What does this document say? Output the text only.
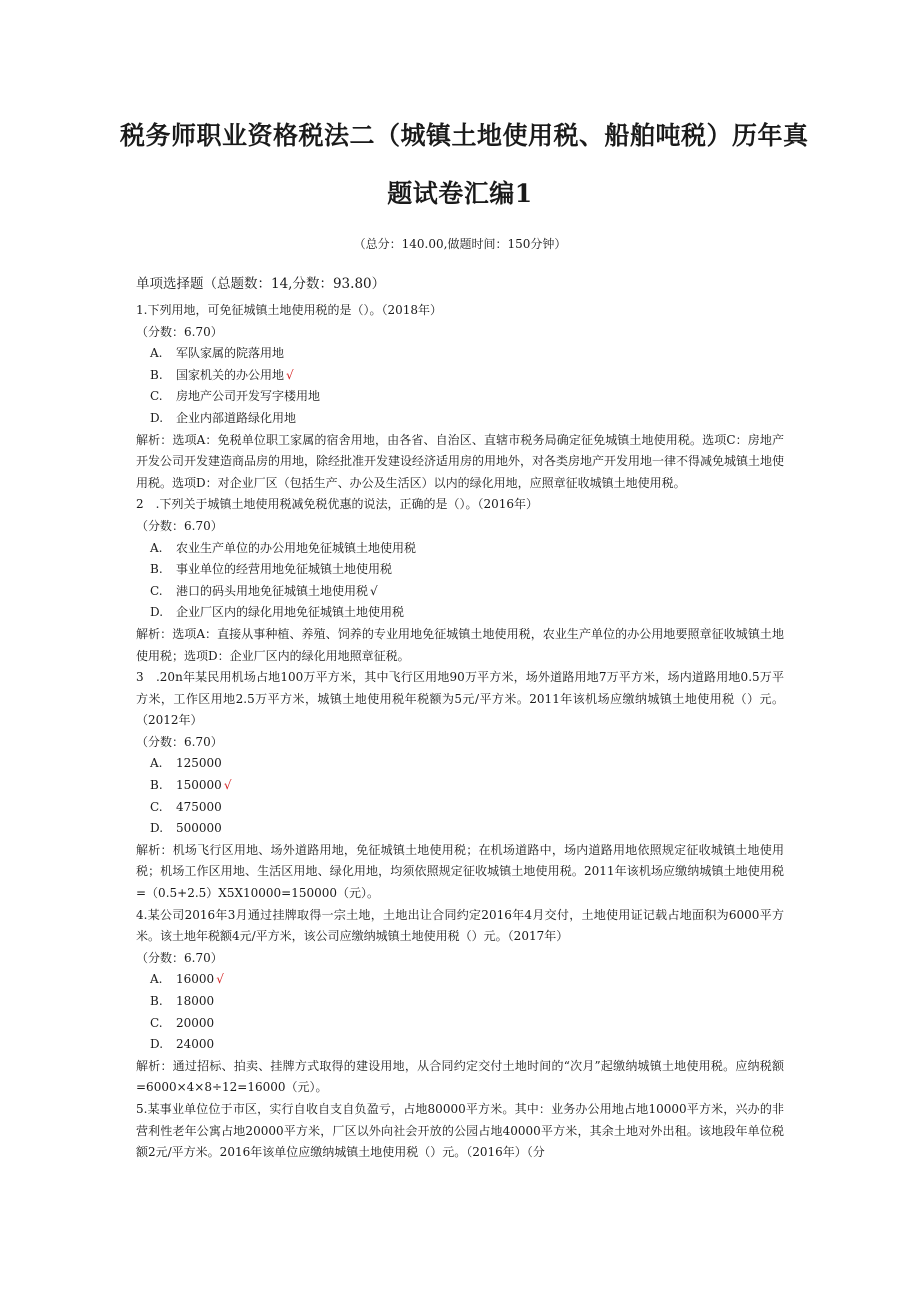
税务师职业资格税法二（城镇土地使用税、船舶吨税）历年真
题试卷汇编1
（总分：140.00,做题时间：150分钟）
单项选择题（总题数：14,分数：93.80）

1.下列用地，可免征城镇土地使用税的是（）。（2018年）

（分数：6.70）

A. 军队家属的院落用地

B. 国家机关的办公用地 √

C. 房地产公司开发写字楼用地

D. 企业内部道路绿化用地

解析：选项A：免税单位职工家属的宿舍用地，由各省、自治区、直辖市税务局确定征免城镇土地使用税。选项C：房地产开发公司开发建造商品房的用地，除经批准开发建设经济适用房的用地外，对各类房地产开发用地一律不得减免城镇土地使用税。选项D：对企业厂区（包括生产、办公及生活区）以内的绿化用地，应照章征收城镇土地使用税。

2　.下列关于城镇土地使用税减免税优惠的说法，正确的是（）。（2016年）

（分数：6.70）

A. 农业生产单位的办公用地免征城镇土地使用税

B. 事业单位的经营用地免征城镇土地使用税

C. 港口的码头用地免征城镇土地使用税 √

D. 企业厂区内的绿化用地免征城镇土地使用税

解析：选项A：直接从事种植、养殖、饲养的专业用地免征城镇土地使用税，农业生产单位的办公用地要照章征收城镇土地使用税；选项D：企业厂区内的绿化用地照章征税。

3　.20n年某民用机场占地100万平方米，其中飞行区用地90万平方米，场外道路用地7万平方米，场内道路用地0.5万平方米，工作区用地2.5万平方米，城镇土地使用税年税额为5元/平方米。2011年该机场应缴纳城镇土地使用税（）元。（2012年）

（分数：6.70）

A. 125000

B. 150000 √

C. 475000

D. 500000

解析：机场飞行区用地、场外道路用地，免征城镇土地使用税；在机场道路中，场内道路用地依照规定征收城镇土地使用税；机场工作区用地、生活区用地、绿化用地，均须依照规定征收城镇土地使用税。2011年该机场应缴纳城镇土地使用税=（0.5+2.5）X5X10000=150000（元）。

4.某公司2016年3月通过挂牌取得一宗土地，土地出让合同约定2016年4月交付，土地使用证记载占地面积为6000平方米。该土地年税额4元/平方米，该公司应缴纳城镇土地使用税（）元。（2017年）

（分数：6.70）

A. 16000 √

B. 18000

C. 20000

D. 24000

解析：通过招标、拍卖、挂牌方式取得的建设用地，从合同约定交付土地时间的“次月”起缴纳城镇土地使用税。应纳税额=6000×4×8÷12=16000（元）。

5.某事业单位位于市区，实行自收自支自负盈亏，占地80000平方米。其中：业务办公用地占地10000平方米，兴办的非营利性老年公寓占地20000平方米，厂区以外向社会开放的公园占地40000平方米，其余土地对外出租。该地段年单位税额2元/平方米。2016年该单位应缴纳城镇土地使用税（）元。（2016年）（分
